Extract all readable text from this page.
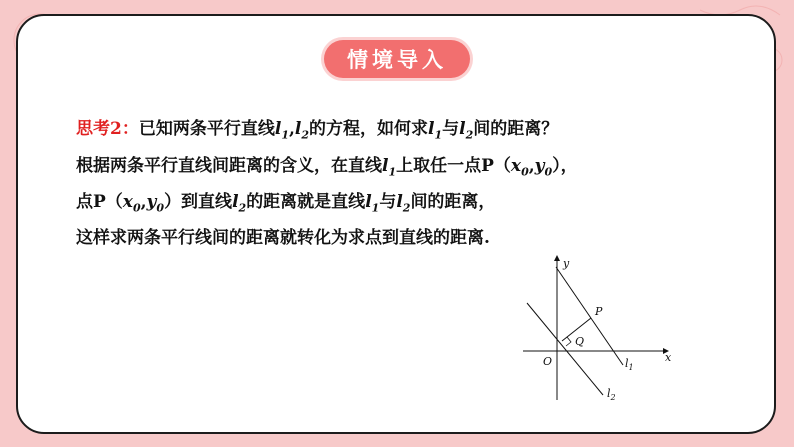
情境导入
思考2：已知两条平行直线$l_1,l_2$的方程，如何求$l_1$与$l_2$间的距离？
根据两条平行直线间距离的含义，在直线$l_1$上取任一点$P(x_0,y_0)$，
点$P(x_0,y_0)$到直线$l_2$的距离就是直线$l_1$与$l_2$间的距离，
这样求两条平行线间的距离就转化为求点到直线的距离.
y
x
O
P
Q
$l_1$
$l_2$
